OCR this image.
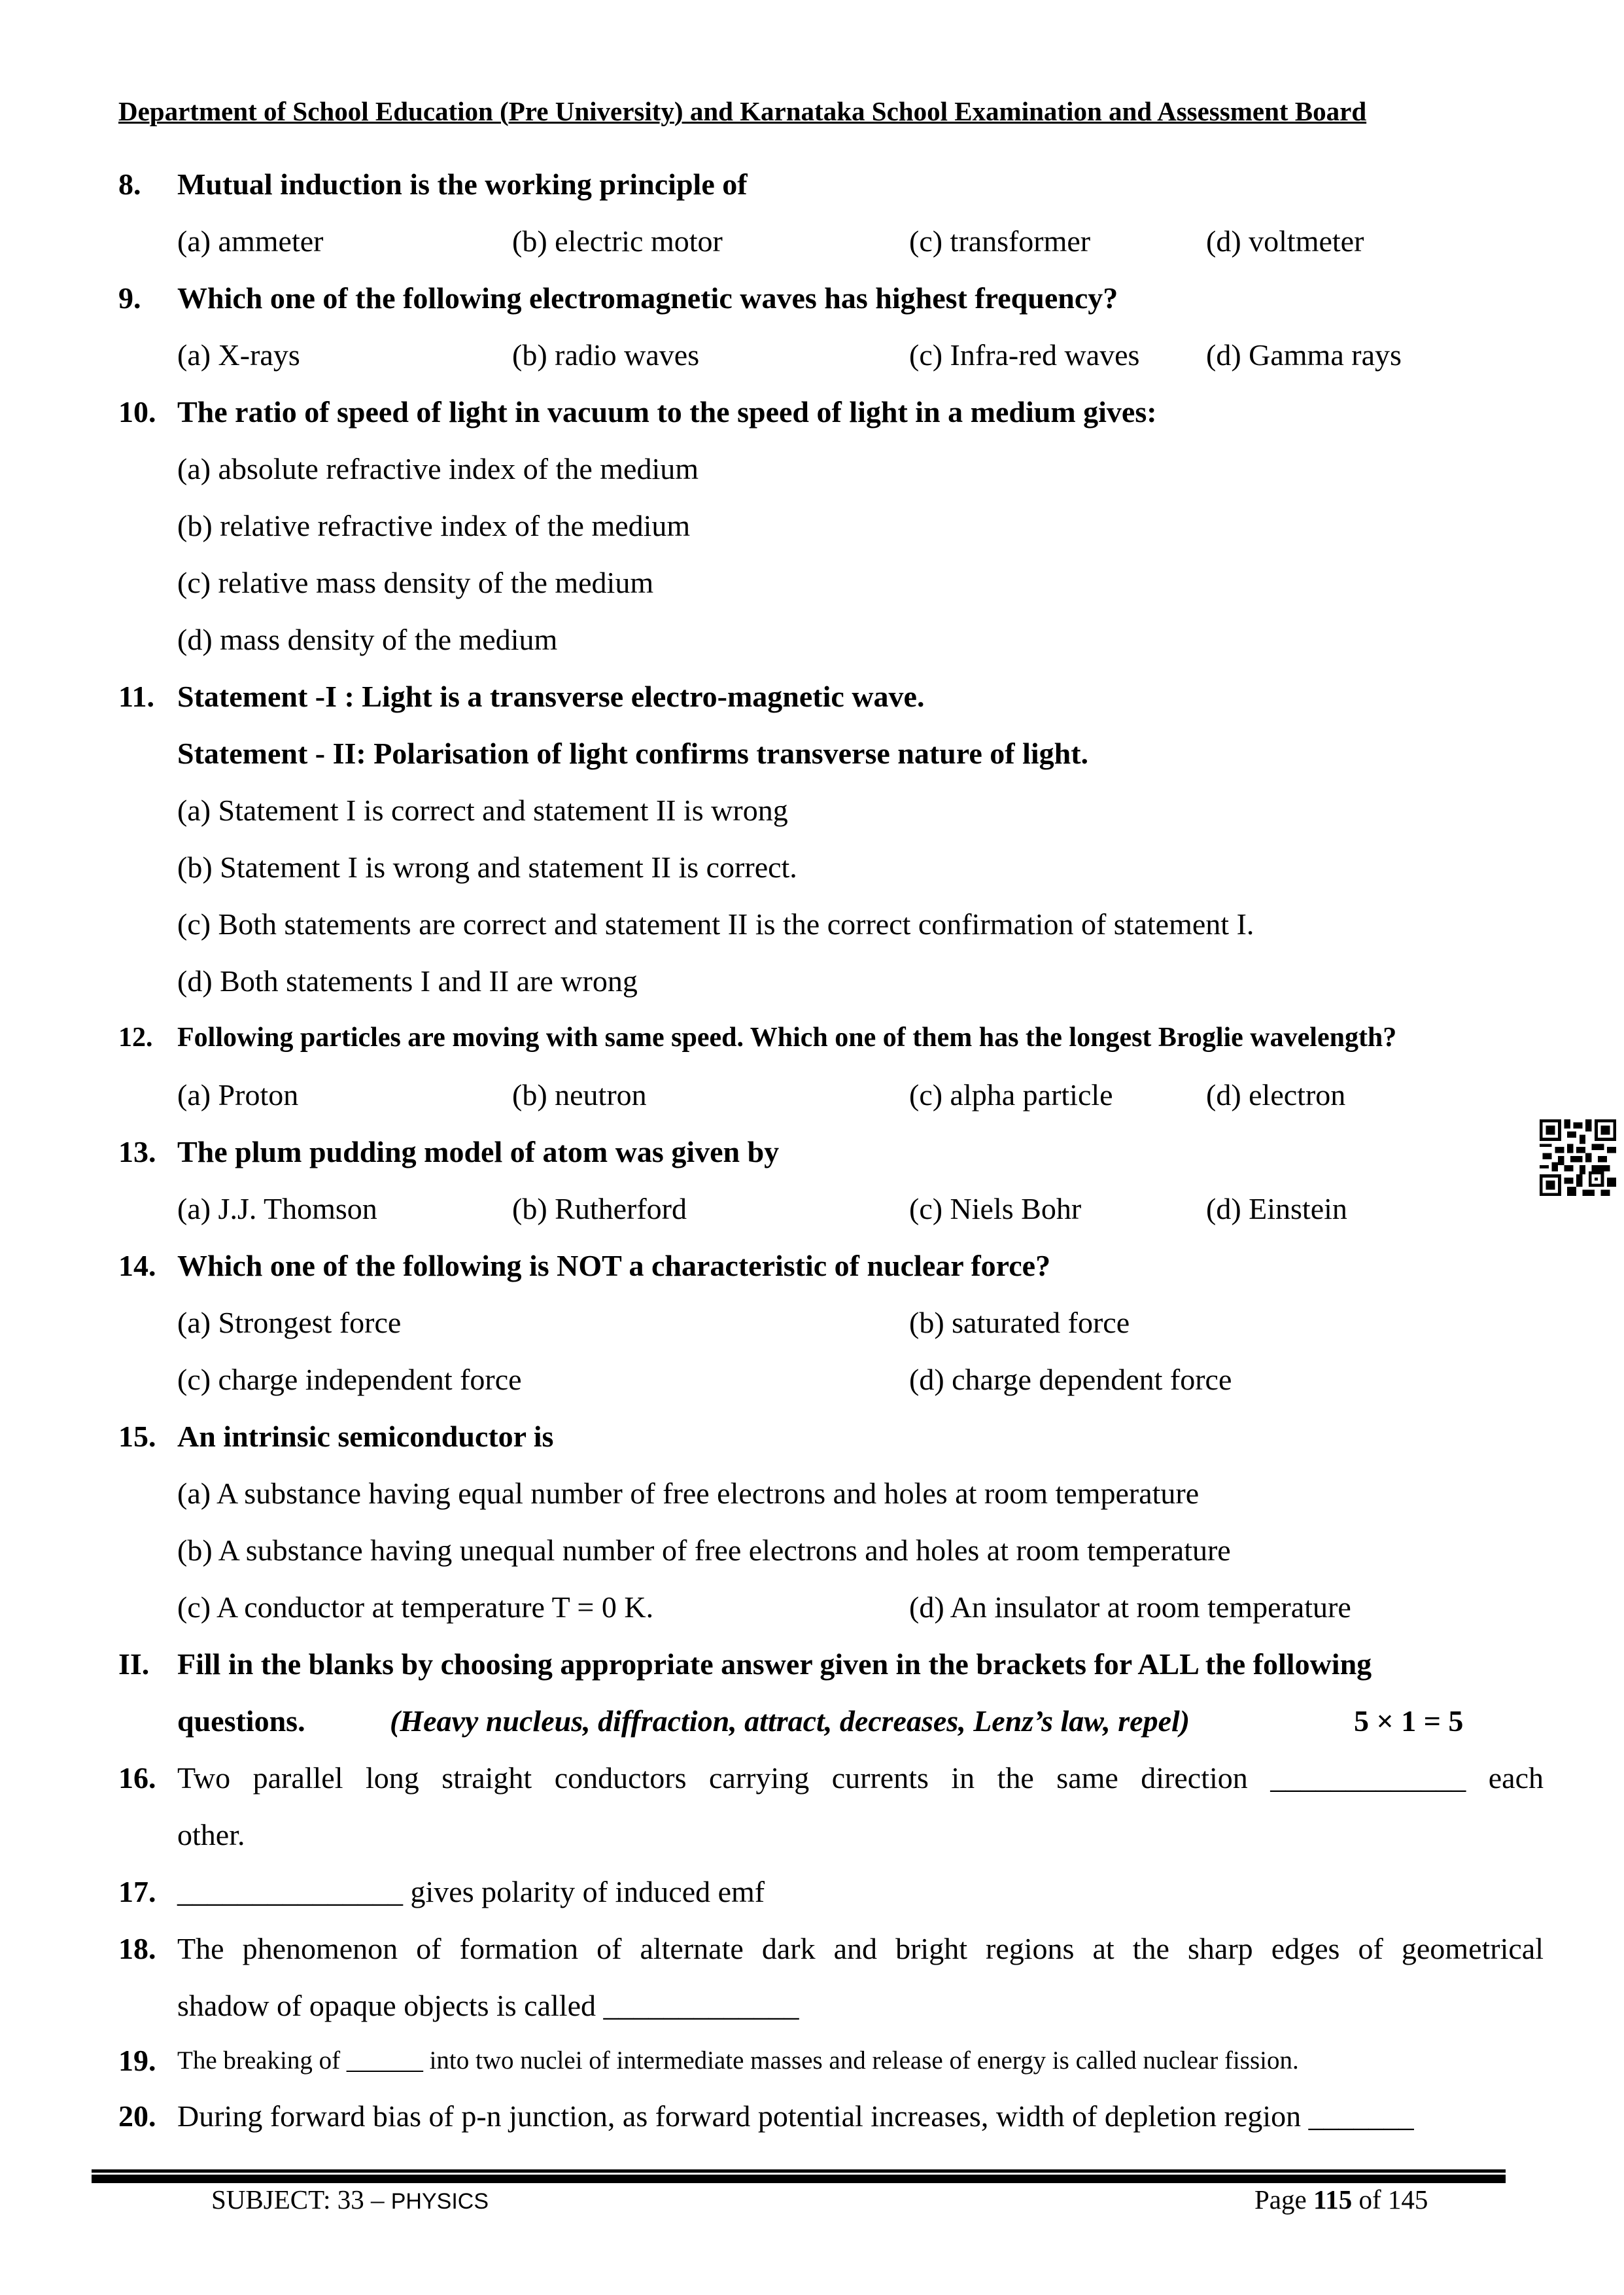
Department of School Education (Pre University) and Karnataka School Examination and Assessment Board
8. Mutual induction is the working principle of
(a) ammeter	(b) electric motor	(c) transformer	(d) voltmeter
9. Which one of the following electromagnetic waves has highest frequency?
(a) X-rays	(b) radio waves	(c) Infra-red waves (d) Gamma rays
10. The ratio of speed of light in vacuum to the speed of light in a medium gives:
(a) absolute refractive index of the medium
(b) relative refractive index of the medium
(c) relative mass density of the medium
(d) mass density of the medium
11. Statement -I : Light is a transverse electro-magnetic wave.
Statement - II: Polarisation of light confirms transverse nature of light.
(a) Statement I is correct and statement II is wrong
(b) Statement I is wrong and statement II is correct.
(c) Both statements are correct and statement II is the correct confirmation of statement I.
(d) Both statements I and II are wrong
12. Following particles are moving with same speed. Which one of them has the longest Broglie wavelength?
(a) Proton	(b) neutron	(c) alpha particle	(d) electron
13. The plum pudding model of atom was given by
(a) J.J. Thomson	(b) Rutherford	(c) Niels Bohr	(d) Einstein
14. Which one of the following is NOT a characteristic of nuclear force?
(a) Strongest force	(b) saturated force
(c) charge independent force	(d) charge dependent force
15. An intrinsic semiconductor is
(a) A substance having equal number of free electrons and holes at room temperature
(b) A substance having unequal number of free electrons and holes at room temperature
(c) A conductor at temperature T = 0 K.	(d) An insulator at room temperature
II. Fill in the blanks by choosing appropriate answer given in the brackets for ALL the following
questions.	(Heavy nucleus, diffraction, attract, decreases, Lenz’s law, repel)	5 × 1 = 5
16. Two parallel long straight conductors carrying currents in the same direction _____________ each
other.
17. _______________ gives polarity of induced emf
18. The phenomenon of formation of alternate dark and bright regions at the sharp edges of geometrical
shadow of opaque objects is called _____________
19. The breaking of ______ into two nuclei of intermediate masses and release of energy is called nuclear fission.
20. During forward bias of p-n junction, as forward potential increases, width of depletion region _______
SUBJECT: 33 – PHYSICS	Page 115 of 145
